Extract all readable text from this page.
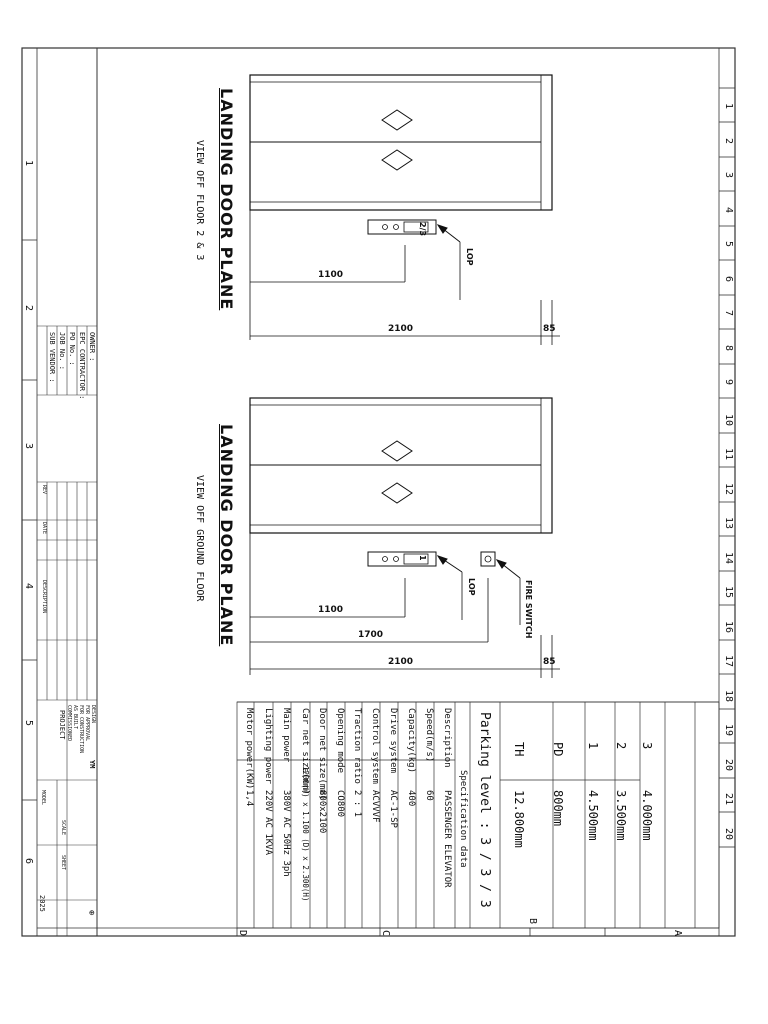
1
2
3
4
5
6
1
2
3
4
5
6
7
8
9
10
11
12
13
14
15
16
17
18
19
20
21
20
D	C
B
A
LANDING DOOR PLANE
VIEW OFF FLOOR 2 & 3	LOP
2/3
1100
2100	85
LANDING DOOR PLANE
VIEW OFF GROUND FLOOR	LOP	FIRE SWITCH
1
1100
1700
2100	85
Parking level : 3 / 3 / 3
Specification data
Description
PASSENGER ELEVATOR
Speed(m/s)
60
Capacity(kg)
400
Drive system
AC-1-SP
Control system
ACVVVF
Traction ratio
2 : 1
Opening mode
CO800
Door net size(mm)
800x2100
Car net size(mm)
1200(W) x 1.100 (D) x 2.300(H)
Main power
380V AC 50Hz 3ph
Lighting power
220V AC 1KVA
Motor power(KW)
1,4
TH
12.800mm
PD
800mm
1
4.500mm
2
3.500mm
3
4.000mm
OWNER :
EPC CONTRACTOR :
PO No. :
JOB No. :
SUB VENDOR :
REV
DATE
DESCRIPTION
DESIGN
FOR APPROVAL
FOR CONSTRUCTION
AS BUILT
COMMISSIONED
YM
PROJECT
MODEL
SCALE
SHEET
2025
⊕
